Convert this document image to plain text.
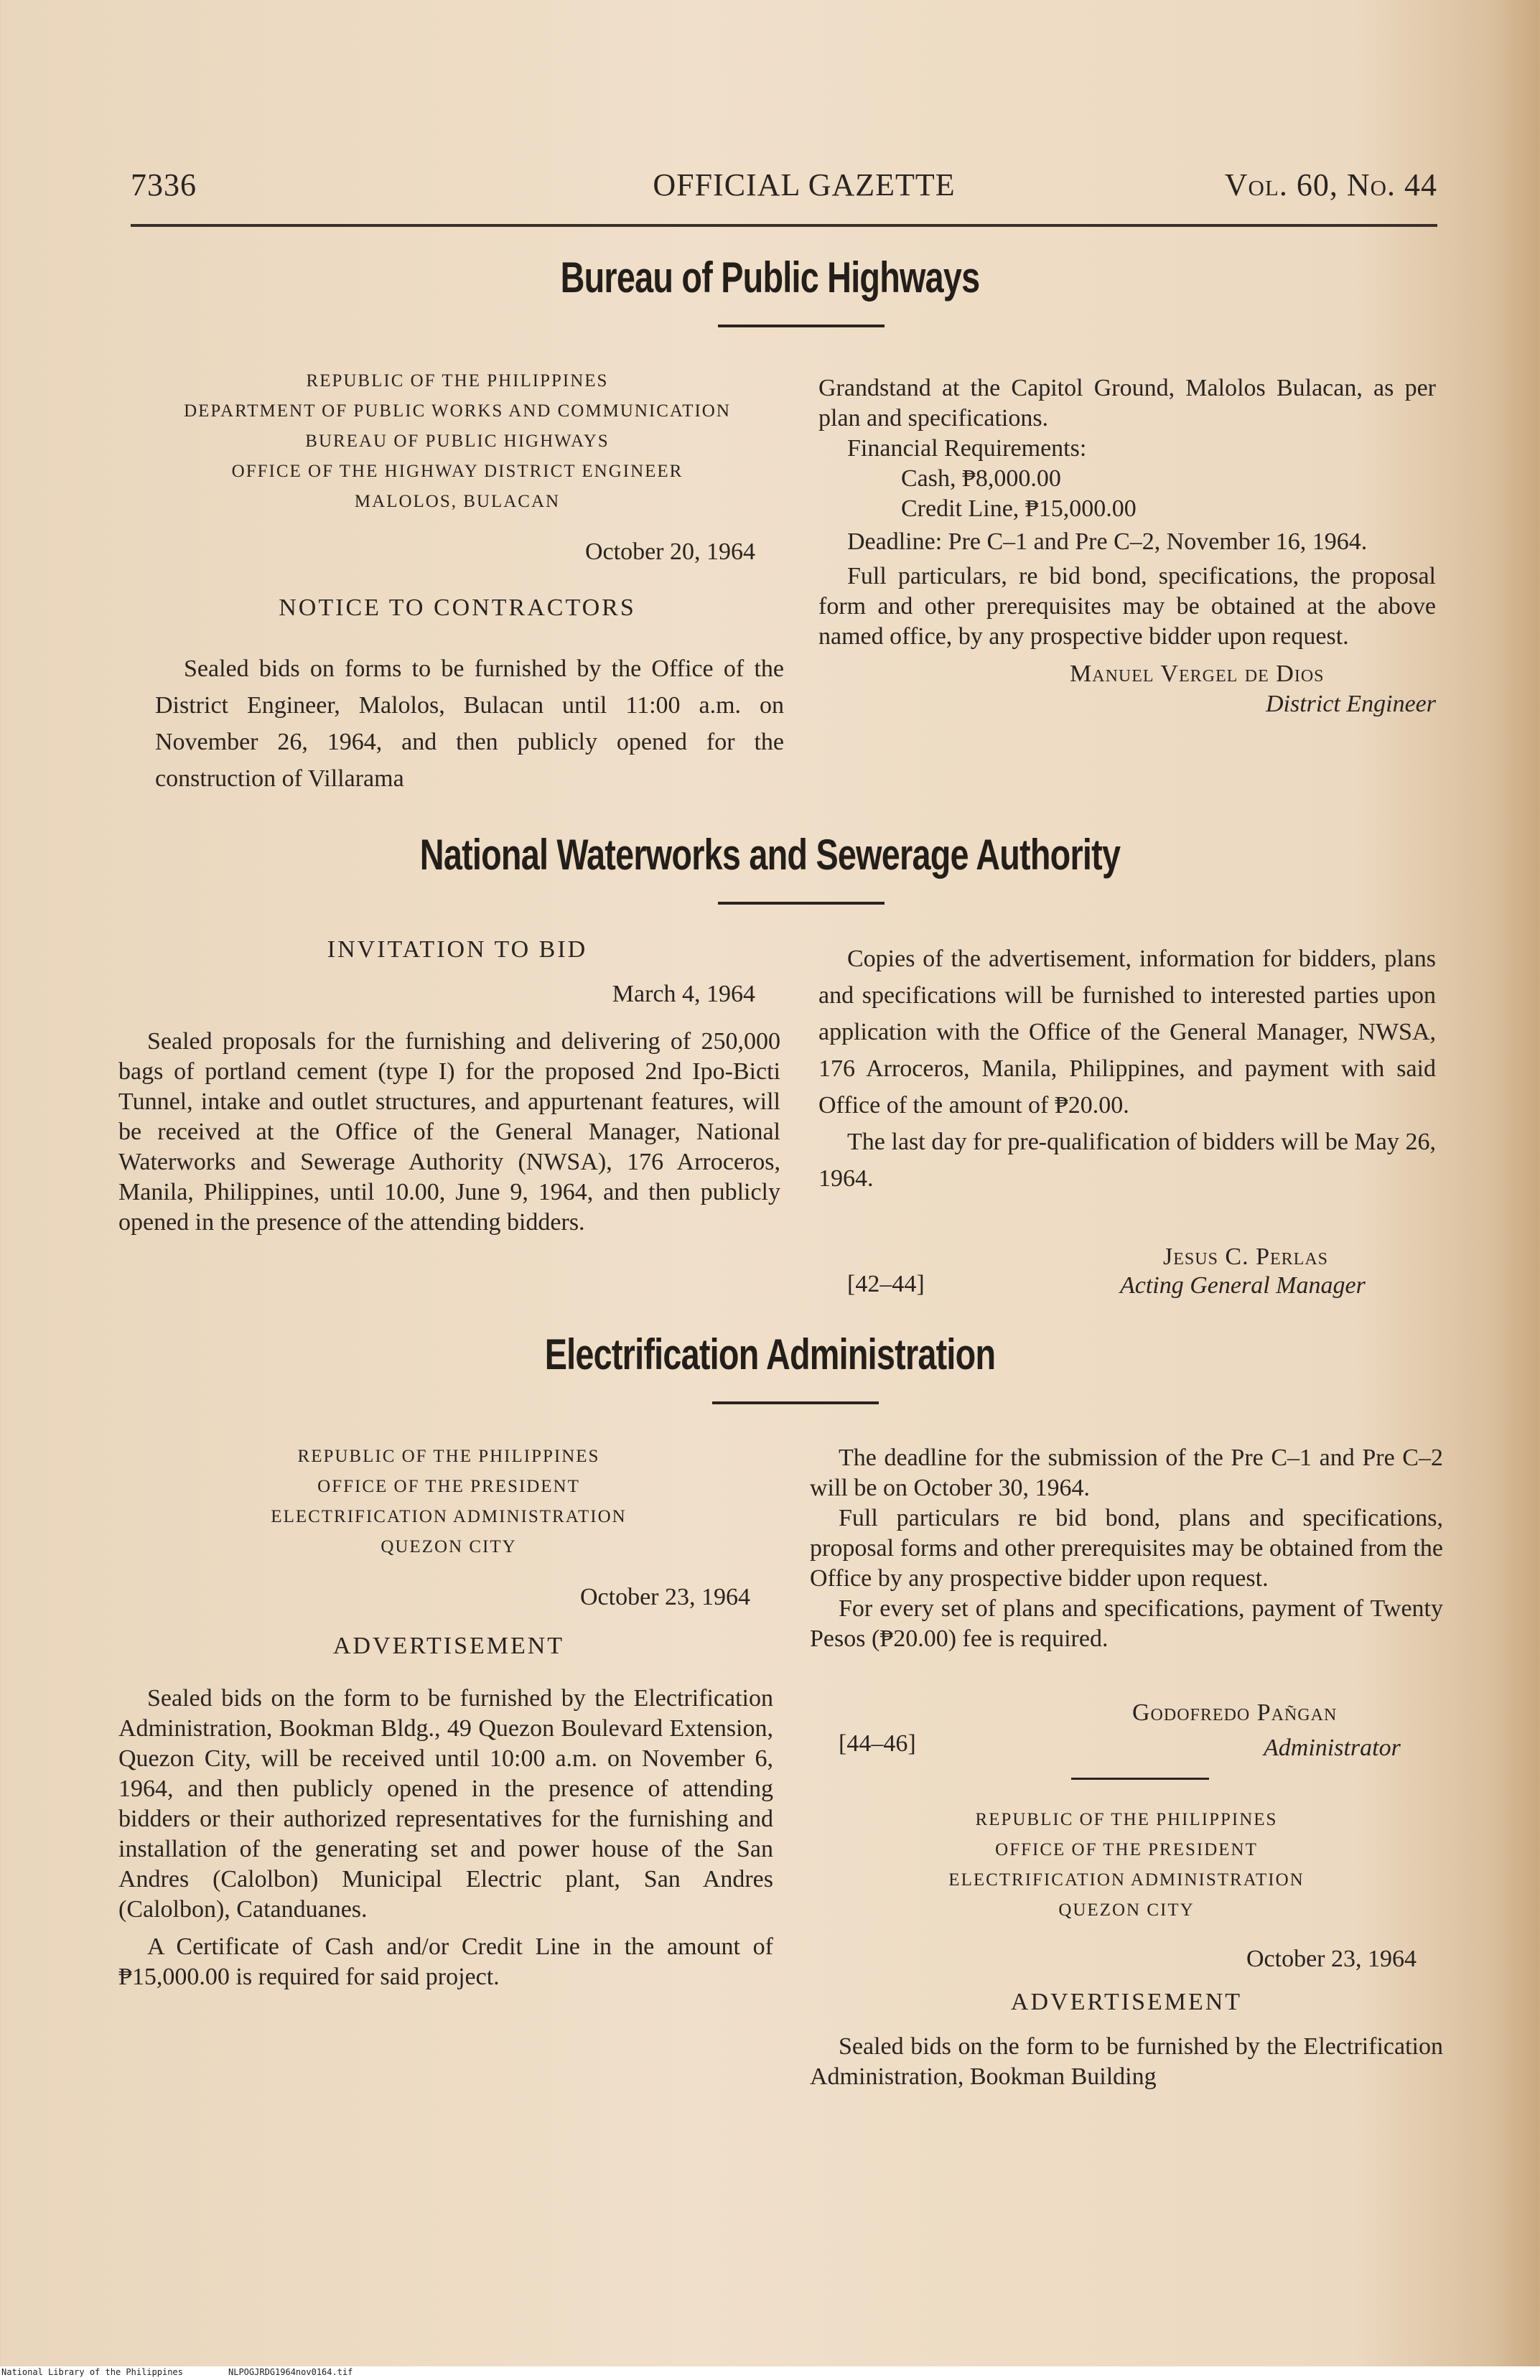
7336	OFFICIAL GAZETTE	Vol. 60, No. 44
Bureau of Public Highways
REPUBLIC OF THE PHILIPPINES
DEPARTMENT OF PUBLIC WORKS AND COMMUNICATION
BUREAU OF PUBLIC HIGHWAYS
OFFICE OF THE HIGHWAY DISTRICT ENGINEER
MALOLOS, BULACAN
October 20, 1964
NOTICE TO CONTRACTORS

Sealed bids on forms to be furnished by the Office of the District Engineer, Malolos, Bulacan until 11:00 a.m. on November 26, 1964, and then publicly opened for the construction of Villarama

Grandstand at the Capitol Ground, Malolos Bulacan, as per plan and specifications.

Financial Requirements:

Cash, ₱8,000.00

Credit Line, ₱15,000.00

Deadline: Pre C–1 and Pre C–2, November 16, 1964.

Full particulars, re bid bond, specifications, the proposal form and other prerequisites may be obtained at the above named office, by any prospective bidder upon request.

Manuel Vergel de Dios

District Engineer

National Waterworks and Sewerage Authority
INVITATION TO BID
March 4, 1964

Sealed proposals for the furnishing and delivering of 250,000 bags of portland cement (type I) for the proposed 2nd Ipo-Bicti Tunnel, intake and outlet structures, and appurtenant features, will be received at the Office of the General Manager, National Waterworks and Sewerage Authority (NWSA), 176 Arroceros, Manila, Philippines, until 10.00, June 9, 1964, and then publicly opened in the presence of the attending bidders.

Copies of the advertisement, information for bidders, plans and specifications will be furnished to interested parties upon application with the Office of the General Manager, NWSA, 176 Arroceros, Manila, Philippines, and payment with said Office of the amount of ₱20.00.

The last day for pre-qualification of bidders will be May 26, 1964.

Jesus C. Perlas
[42–44]	Acting General Manager
Electrification Administration
REPUBLIC OF THE PHILIPPINES
OFFICE OF THE PRESIDENT
ELECTRIFICATION ADMINISTRATION
QUEZON CITY
October 23, 1964
ADVERTISEMENT

Sealed bids on the form to be furnished by the Electrification Administration, Bookman Bldg., 49 Quezon Boulevard Extension, Quezon City, will be received until 10:00 a.m. on November 6, 1964, and then publicly opened in the presence of attending bidders or their authorized representatives for the furnishing and installation of the generating set and power house of the San Andres (Calolbon) Municipal Electric plant, San Andres (Calolbon), Catanduanes.

A Certificate of Cash and/or Credit Line in the amount of ₱15,000.00 is required for said project.

The deadline for the submission of the Pre C–1 and Pre C–2 will be on October 30, 1964.

Full particulars re bid bond, plans and specifications, proposal forms and other prerequisites may be obtained from the Office by any prospective bidder upon request.

For every set of plans and specifications, payment of Twenty Pesos (₱20.00) fee is required.

Godofredo Pañgan
[44–46]	Administrator
REPUBLIC OF THE PHILIPPINES
OFFICE OF THE PRESIDENT
ELECTRIFICATION ADMINISTRATION
QUEZON CITY
October 23, 1964
ADVERTISEMENT

Sealed bids on the form to be furnished by the Electrification Administration, Bookman Building

National Library of the Philippines	NLPOGJRDG1964nov0164.tif
